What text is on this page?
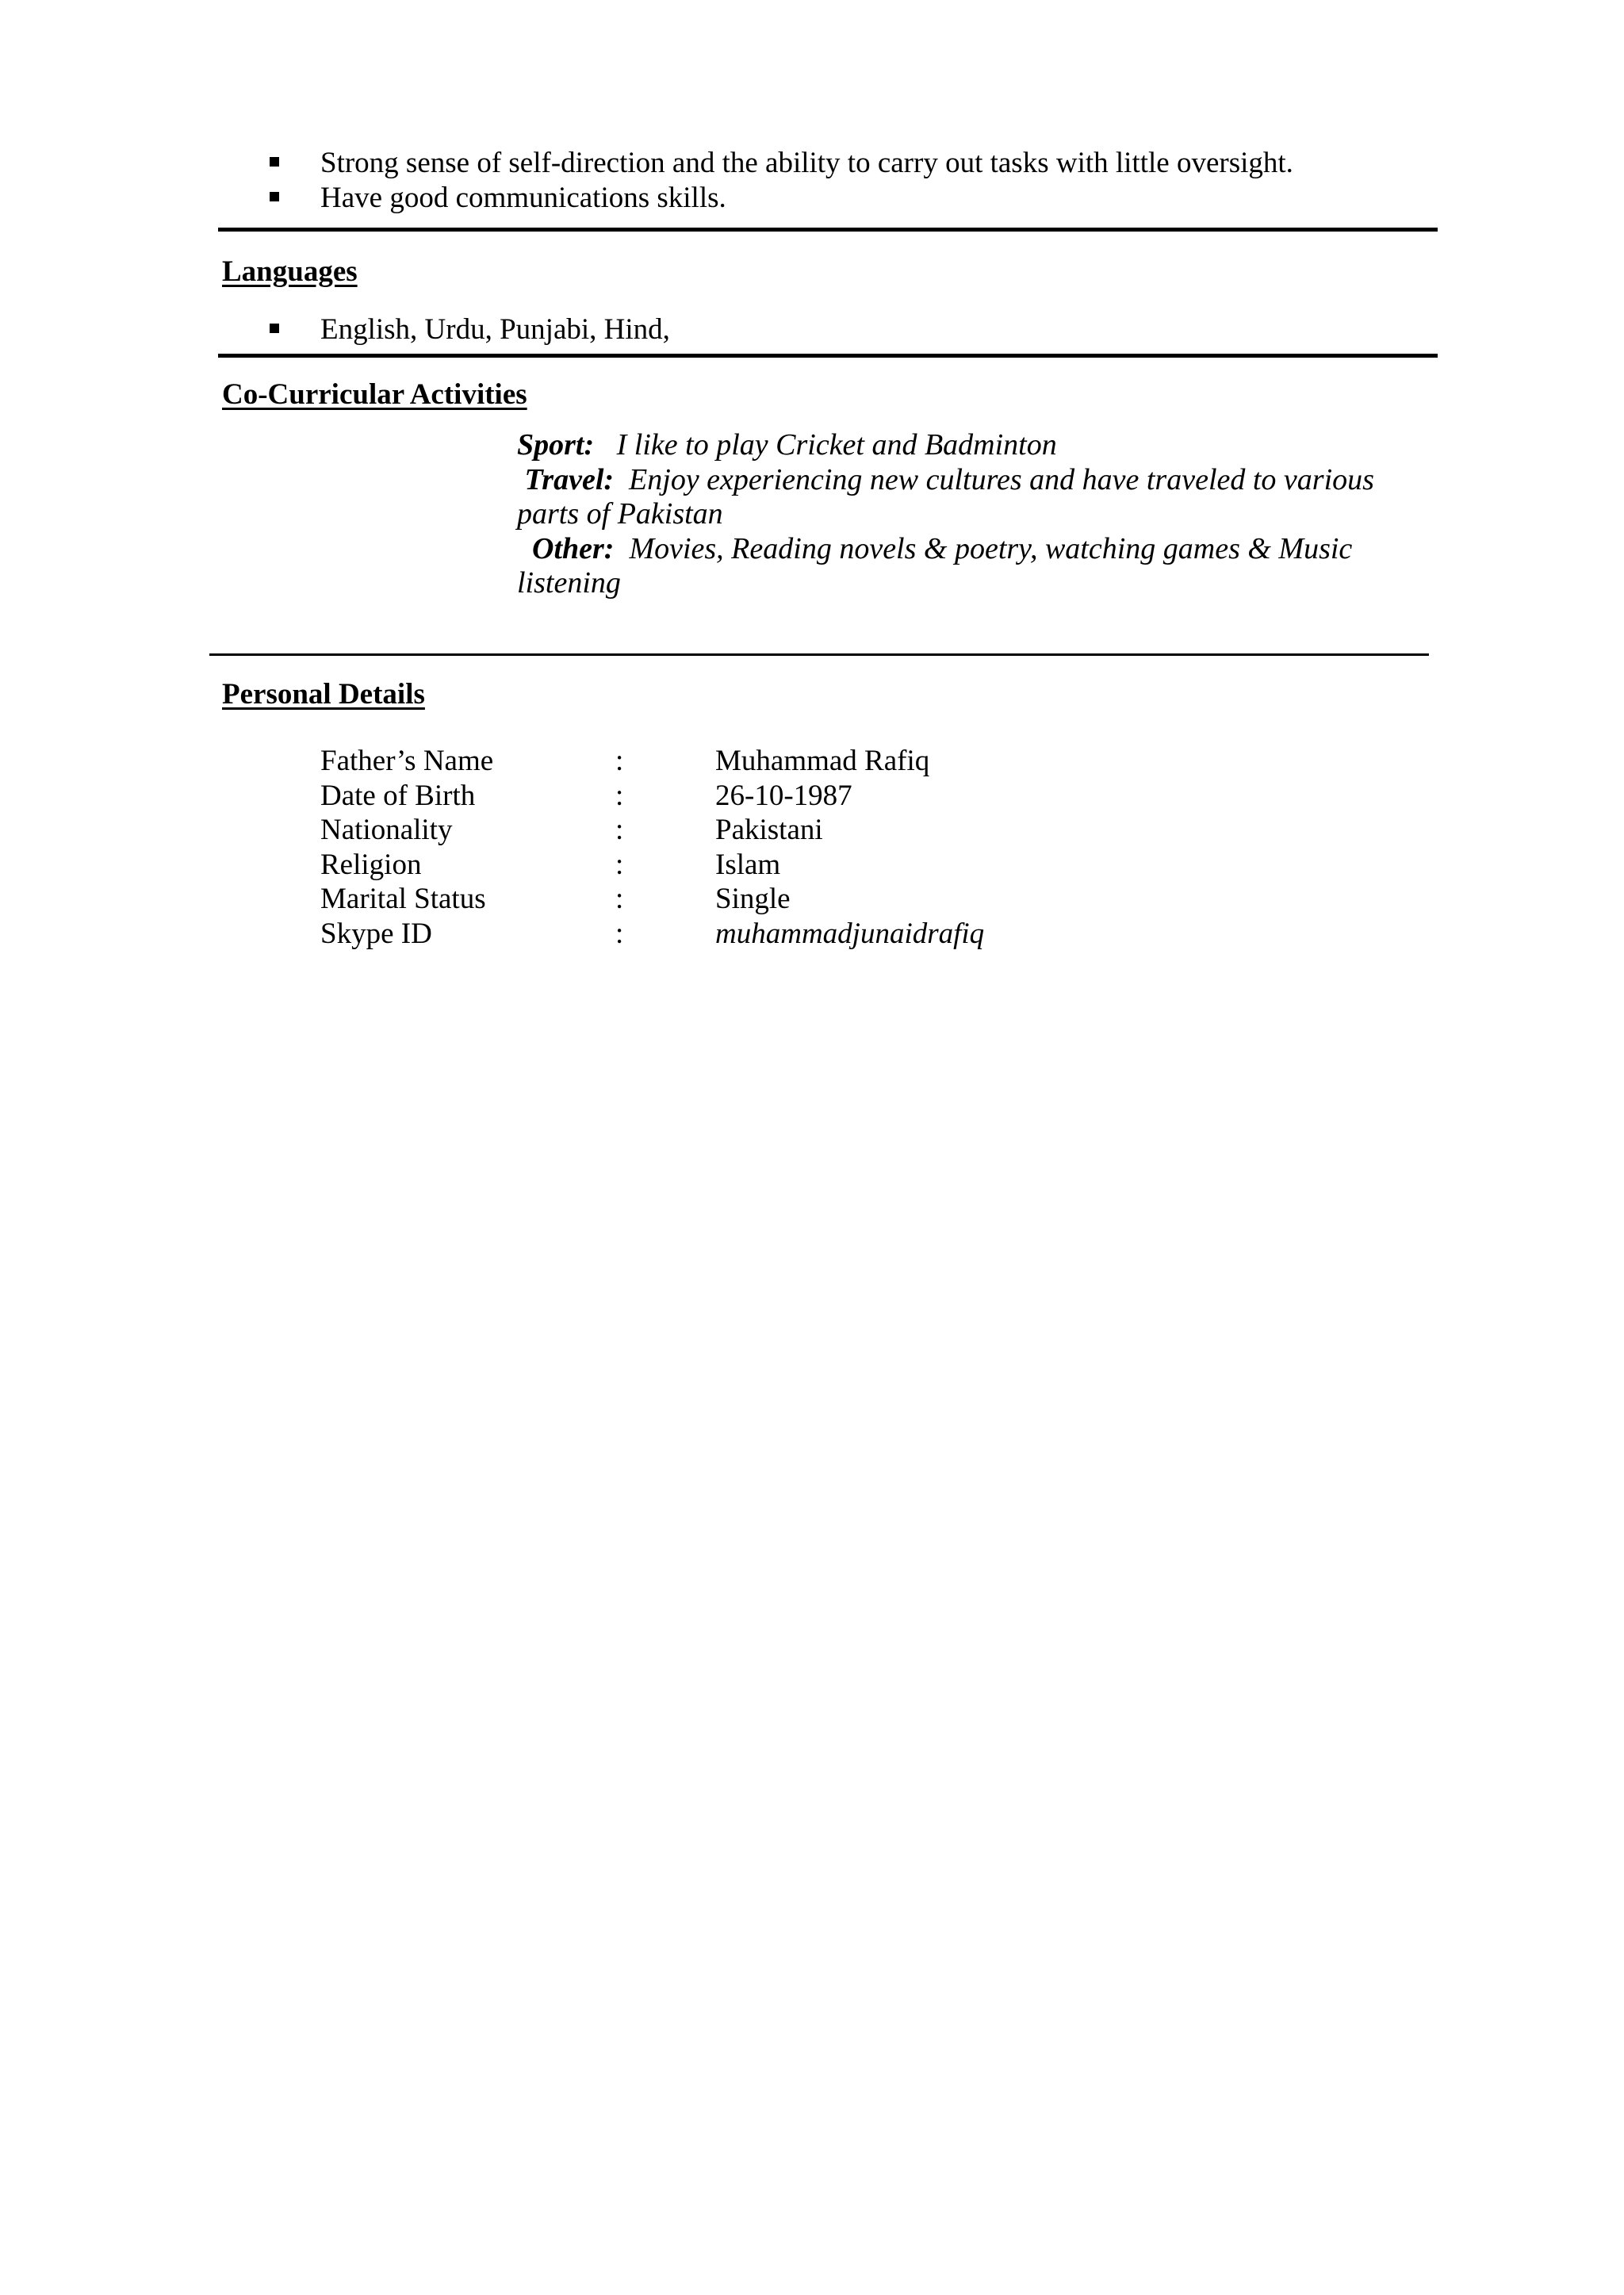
Strong sense of self-direction and the ability to carry out tasks with little oversight.
Have good communications skills.
Languages
English, Urdu, Punjabi, Hind,
Co-Curricular Activities

Sport: I like to play Cricket and Badminton

Travel: Enjoy experiencing new cultures and have traveled to various parts of Pakistan

Other: Movies, Reading novels & poetry, watching games & Music listening

Personal Details
Father’s Name	:	Muhammad Rafiq
Date of Birth	:	26-10-1987
Nationality	:	Pakistani
Religion	:	Islam
Marital Status	:	Single
Skype ID	:	muhammadjunaidrafiq
